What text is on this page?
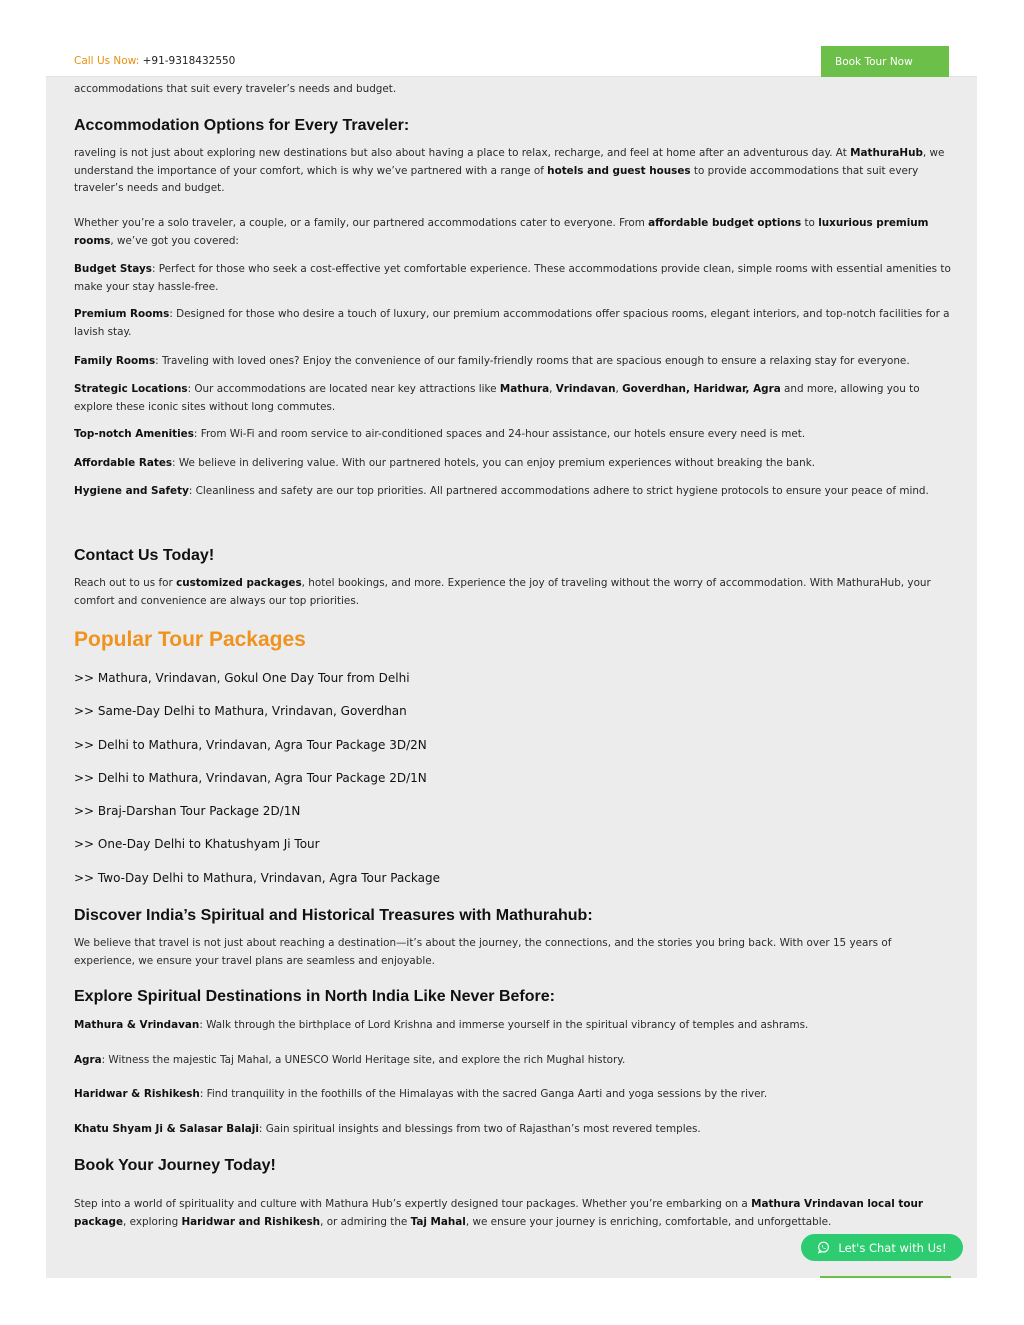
Call Us Now: +91-9318432550	Book Tour Now
accommodations that suit every traveler’s needs and budget.
Accommodation Options for Every Traveler:
raveling is not just about exploring new destinations but also about having a place to relax, recharge, and feel at home after an adventurous day. At MathuraHub, we understand the importance of your comfort, which is why we’ve partnered with a range of hotels and guest houses to provide accommodations that suit every traveler’s needs and budget.
Whether you’re a solo traveler, a couple, or a family, our partnered accommodations cater to everyone. From affordable budget options to luxurious premium rooms, we’ve got you covered:
Budget Stays: Perfect for those who seek a cost-effective yet comfortable experience. These accommodations provide clean, simple rooms with essential amenities to make your stay hassle-free.
Premium Rooms: Designed for those who desire a touch of luxury, our premium accommodations offer spacious rooms, elegant interiors, and top-notch facilities for a lavish stay.
Family Rooms: Traveling with loved ones? Enjoy the convenience of our family-friendly rooms that are spacious enough to ensure a relaxing stay for everyone.
Strategic Locations: Our accommodations are located near key attractions like Mathura, Vrindavan, Goverdhan, Haridwar, Agra and more, allowing you to explore these iconic sites without long commutes.
Top-notch Amenities: From Wi-Fi and room service to air-conditioned spaces and 24-hour assistance, our hotels ensure every need is met.
Affordable Rates: We believe in delivering value. With our partnered hotels, you can enjoy premium experiences without breaking the bank.
Hygiene and Safety: Cleanliness and safety are our top priorities. All partnered accommodations adhere to strict hygiene protocols to ensure your peace of mind.
Contact Us Today!
Reach out to us for customized packages, hotel bookings, and more. Experience the joy of traveling without the worry of accommodation. With MathuraHub, your comfort and convenience are always our top priorities.
Popular Tour Packages
>> Mathura, Vrindavan, Gokul One Day Tour from Delhi
>> Same-Day Delhi to Mathura, Vrindavan, Goverdhan
>> Delhi to Mathura, Vrindavan, Agra Tour Package 3D/2N
>> Delhi to Mathura, Vrindavan, Agra Tour Package 2D/1N
>> Braj-Darshan Tour Package 2D/1N
>> One-Day Delhi to Khatushyam Ji Tour
>> Two-Day Delhi to Mathura, Vrindavan, Agra Tour Package
Discover India’s Spiritual and Historical Treasures with Mathurahub:
We believe that travel is not just about reaching a destination—it’s about the journey, the connections, and the stories you bring back. With over 15 years of experience, we ensure your travel plans are seamless and enjoyable.
Explore Spiritual Destinations in North India Like Never Before:
Mathura & Vrindavan: Walk through the birthplace of Lord Krishna and immerse yourself in the spiritual vibrancy of temples and ashrams.
Agra: Witness the majestic Taj Mahal, a UNESCO World Heritage site, and explore the rich Mughal history.
Haridwar & Rishikesh: Find tranquility in the foothills of the Himalayas with the sacred Ganga Aarti and yoga sessions by the river.
Khatu Shyam Ji & Salasar Balaji: Gain spiritual insights and blessings from two of Rajasthan’s most revered temples.
Book Your Journey Today!
Step into a world of spirituality and culture with Mathura Hub’s expertly designed tour packages. Whether you’re embarking on a Mathura Vrindavan local tour package, exploring Haridwar and Rishikesh, or admiring the Taj Mahal, we ensure your journey is enriching, comfortable, and unforgettable.
Let's Chat with Us!
